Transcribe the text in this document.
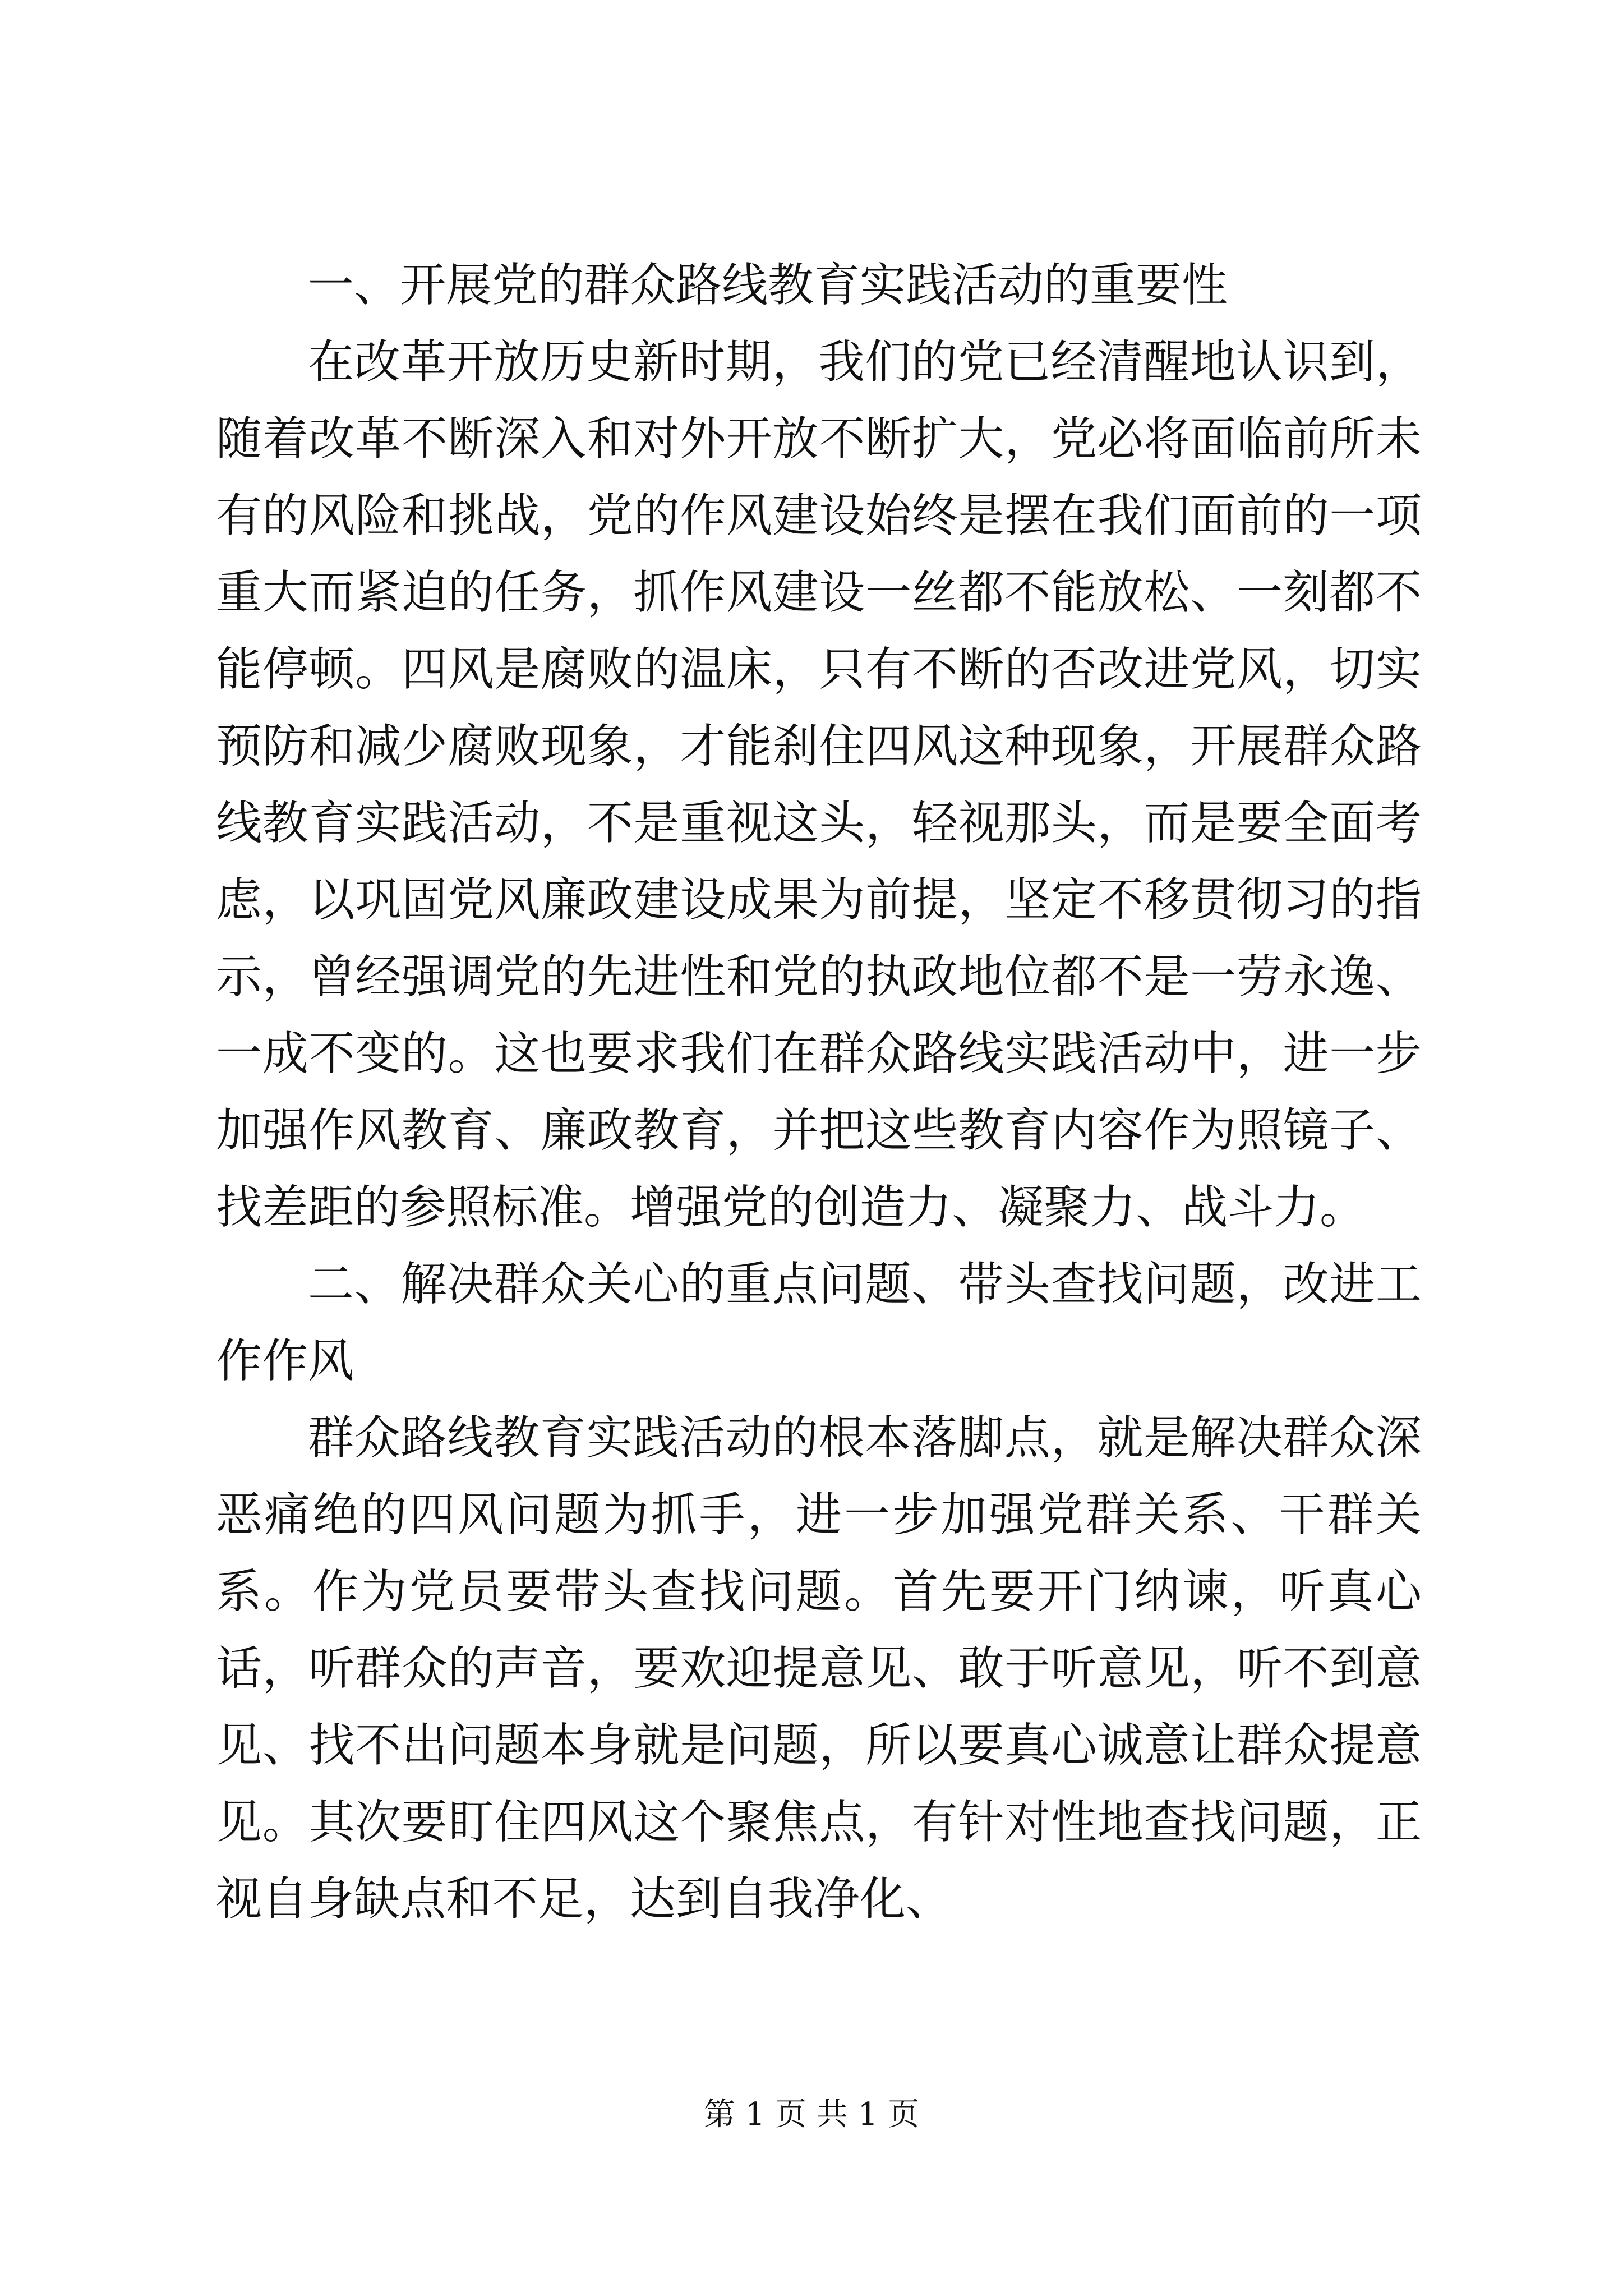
一、开展党的群众路线教育实践活动的重要性

在改革开放历史新时期，我们的党已经清醒地认识到，随着改革不断深入和对外开放不断扩大，党必将面临前所未有的风险和挑战，党的作风建设始终是摆在我们面前的一项重大而紧迫的任务，抓作风建设一丝都不能放松、一刻都不能停顿。四风是腐败的温床，只有不断的否改进党风，切实预防和减少腐败现象，才能刹住四风这种现象，开展群众路线教育实践活动，不是重视这头，轻视那头，而是要全面考虑，以巩固党风廉政建设成果为前提，坚定不移贯彻习的指示，曾经强调党的先进性和党的执政地位都不是一劳永逸、一成不变的。这也要求我们在群众路线实践活动中，进一步加强作风教育、廉政教育，并把这些教育内容作为照镜子、找差距的参照标准。增强党的创造力、凝聚力、战斗力。

二、解决群众关心的重点问题、带头查找问题，改进工作作风

群众路线教育实践活动的根本落脚点，就是解决群众深恶痛绝的四风问题为抓手，进一步加强党群关系、干群关系。作为党员要带头查找问题。首先要开门纳谏，听真心话，听群众的声音，要欢迎提意见、敢于听意见，听不到意见、找不出问题本身就是问题，所以要真心诚意让群众提意见。其次要盯住四风这个聚焦点，有针对性地查找问题，正视自身缺点和不足，达到自我净化、

第 1 页 共 1 页
